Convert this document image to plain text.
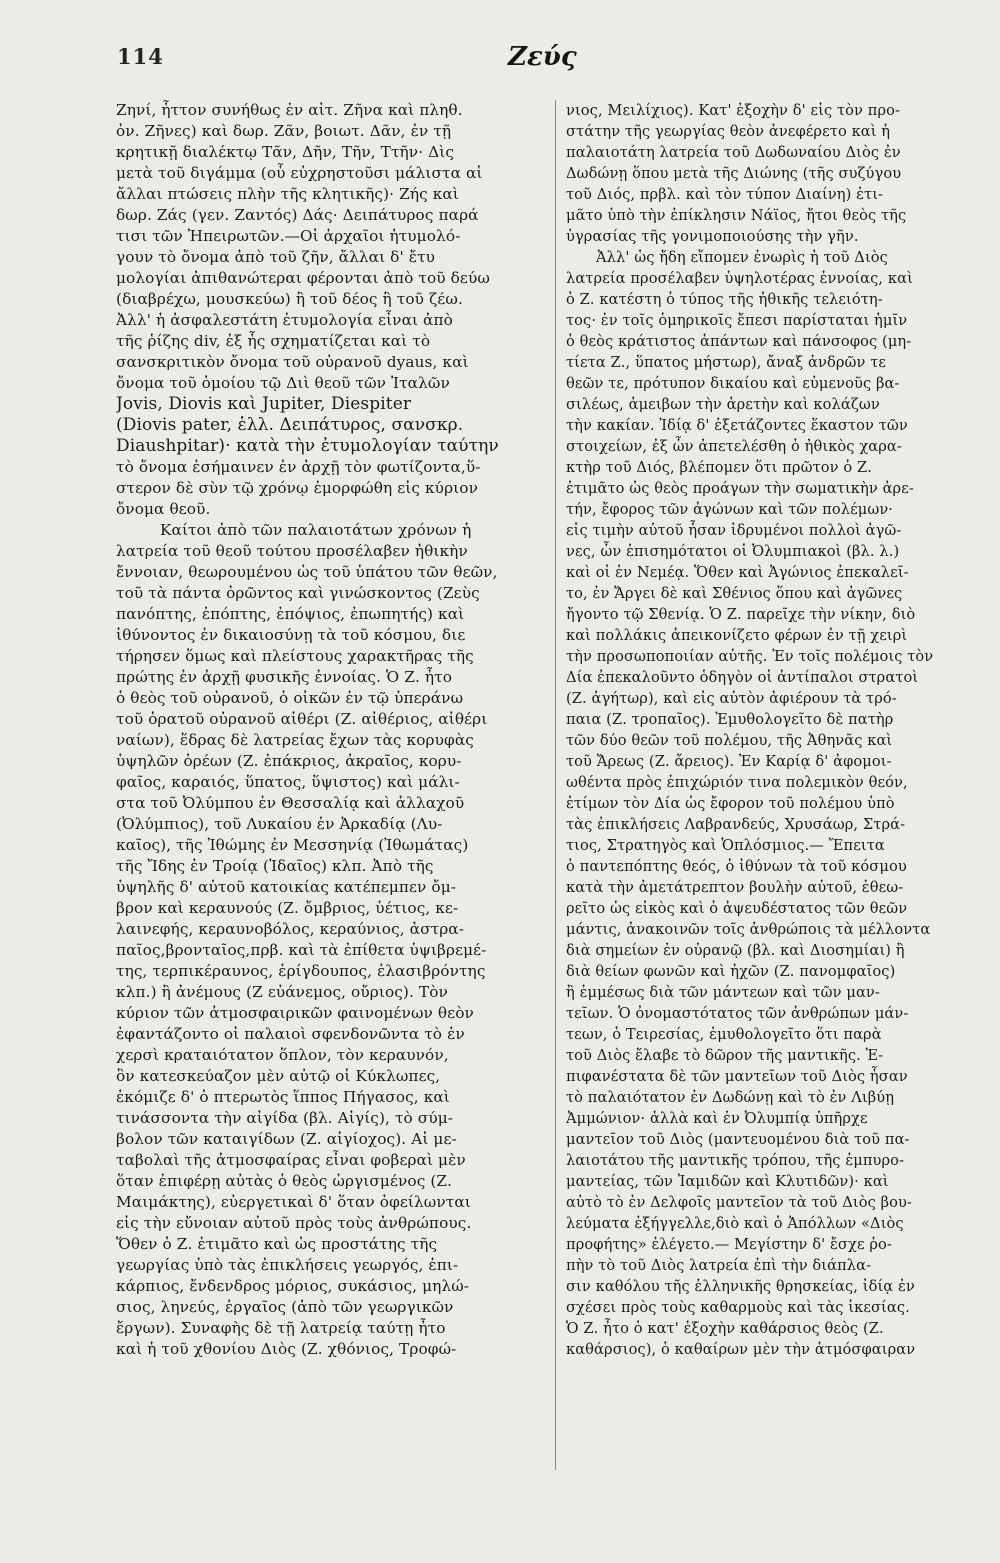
114	Ζεύς
Ζηνί, ἧττον συνήθως ἐν αἰτ. Ζῆνα καὶ πληθ.
ὀν. Ζῆνες) καὶ δωρ. Ζᾶν, βοιωτ. Δᾶν, ἐν τῇ
κρητικῇ διαλέκτῳ Τᾶν, Δῆν, Τῆν, Ττῆν· Δὶς
μετὰ τοῦ διγάμμα (οὗ εὐχρηστοῦσι μάλιστα αἱ
ἄλλαι πτώσεις πλὴν τῆς κλητικῆς)· Ζής καὶ
δωρ. Ζάς (γεν. Ζαντός) Δάς· Δειπάτυρος παρά
τισι τῶν Ἠπειρωτῶν.—Οἱ ἀρχαῖοι ἠτυμολό-
γουν τὸ ὄνομα ἀπὸ τοῦ ζῆν, ἄλλαι δ' ἔτυ
μολογίαι ἀπιθανώτεραι φέρονται ἀπὸ τοῦ δεύω
(διαβρέχω, μουσκεύω) ἢ τοῦ δέος ἢ τοῦ ζέω.
Ἀλλ' ἡ ἀσφαλεστάτη ἐτυμολογία εἶναι ἀπὸ
τῆς ῥίζης div, ἐξ ἧς σχηματίζεται καὶ τὸ
σανσκριτικὸν ὄνομα τοῦ οὐρανοῦ dyaus, καὶ
ὄνομα τοῦ ὁμοίου τῷ Διὶ θεοῦ τῶν Ἰταλῶν
Jovis, Diovis καὶ Jupiter, Diespiter
(Diovis pater, ἑλλ. Δειπάτυρος, σανσκρ.
Diaushpitar)· κατὰ τὴν ἐτυμολογίαν ταύτην
τὸ ὄνομα ἐσήμαινεν ἐν ἀρχῇ τὸν φωτίζοντα,ὕ-
στερον δὲ σὺν τῷ χρόνῳ ἐμορφώθη εἰς κύριον
ὄνομα θεοῦ.
Καίτοι ἀπὸ τῶν παλαιοτάτων χρόνων ἡ
λατρεία τοῦ θεοῦ τούτου προσέλαβεν ἠθικὴν
ἔννοιαν, θεωρουμένου ὡς τοῦ ὑπάτου τῶν θεῶν,
τοῦ τὰ πάντα ὁρῶντος καὶ γινώσκοντος (Ζεὺς
πανόπτης, ἐπόπτης, ἐπόψιος, ἐπωπητής) καὶ
ἰθύνοντος ἐν δικαιοσύνῃ τὰ τοῦ κόσμου, διε
τήρησεν ὅμως καὶ πλείστους χαρακτῆρας τῆς
πρώτης ἐν ἀρχῇ φυσικῆς ἐννοίας. Ὁ Ζ. ἦτο
ὁ θεὸς τοῦ οὐρανοῦ, ὁ οἰκῶν ἐν τῷ ὑπεράνω
τοῦ ὁρατοῦ οὐρανοῦ αἰθέρι (Ζ. αἰθέριος, αἰθέρι
ναίων), ἕδρας δὲ λατρείας ἔχων τὰς κορυφὰς
ὑψηλῶν ὀρέων (Ζ. ἐπάκριος, ἀκραῖος, κορυ-
φαῖος, καραιός, ὕπατος, ὕψιστος) καὶ μάλι-
στα τοῦ Ὀλύμπου ἐν Θεσσαλίᾳ καὶ ἀλλαχοῦ
(Ὀλύμπιος), τοῦ Λυκαίου ἐν Ἀρκαδίᾳ (Λυ-
καῖος), τῆς Ἰθώμης ἐν Μεσσηνίᾳ (Ἰθωμάτας)
τῆς Ἴδης ἐν Τροίᾳ (Ἰδαῖος) κλπ. Ἀπὸ τῆς
ὑψηλῆς δ' αὐτοῦ κατοικίας κατέπεμπεν ὄμ-
βρον καὶ κεραυνούς (Ζ. ὄμβριος, ὑέτιος, κε-
λαινεφής, κεραυνοβόλος, κεραύνιος, ἀστρα-
παῖος,βρονταῖος,πρβ. καὶ τὰ ἐπίθετα ὑψιβρεμέ-
της, τερπικέραυνος, ἐρίγδουπος, ἐλασιβρόντης
κλπ.) ἢ ἀνέμους (Ζ εὐάνεμος, οὔριος). Τὸν
κύριον τῶν ἀτμοσφαιρικῶν φαινομένων θεὸν
ἐφαντάζοντο οἱ παλαιοὶ σφενδονῶντα τὸ ἐν
χερσὶ κραταιότατον ὅπλον, τὸν κεραυνόν,
ὃν κατεσκεύαζον μὲν αὐτῷ οἱ Κύκλωπες,
ἐκόμιζε δ' ὁ πτερωτὸς ἵππος Πήγασος, καὶ
τινάσσοντα τὴν αἰγίδα (βλ. Αἰγίς), τὸ σύμ-
βολον τῶν καταιγίδων (Ζ. αἰγίοχος). Αἱ με-
ταβολαὶ τῆς ἀτμοσφαίρας εἶναι φοβεραὶ μὲν
ὅταν ἐπιφέρῃ αὐτὰς ὁ θεὸς ὠργισμένος (Ζ.
Μαιμάκτης), εὐεργετικαὶ δ' ὅταν ὀφείλωνται
εἰς τὴν εὔνοιαν αὐτοῦ πρὸς τοὺς ἀνθρώπους.
Ὅθεν ὁ Ζ. ἐτιμᾶτο καὶ ὡς προστάτης τῆς
γεωργίας ὑπὸ τὰς ἐπικλήσεις γεωργός, ἐπι-
κάρπιος, ἔνδενδρος μόριος, συκάσιος, μηλώ-
σιος, ληνεύς, ἐργαῖος (ἀπὸ τῶν γεωργικῶν
ἔργων). Συναφὴς δὲ τῇ λατρείᾳ ταύτῃ ἦτο
καὶ ἡ τοῦ χθονίου Διὸς (Ζ. χθόνιος, Τροφώ-
νιος, Μειλίχιος). Κατ' ἐξοχὴν δ' εἰς τὸν προ-
στάτην τῆς γεωργίας θεὸν ἀνεφέρετο καὶ ἡ
παλαιοτάτη λατρεία τοῦ Δωδωναίου Διὸς ἐν
Δωδώνῃ ὅπου μετὰ τῆς Διώνης (τῆς συζύγου
τοῦ Διός, πρβλ. καὶ τὸν τύπον Διαίνη) ἐτι-
μᾶτο ὑπὸ τὴν ἐπίκλησιν Νάϊος, ἤτοι θεὸς τῆς
ὑγρασίας τῆς γονιμοποιούσης τὴν γῆν.
Ἀλλ' ὡς ἤδη εἴπομεν ἐνωρὶς ἡ τοῦ Διὸς
λατρεία προσέλαβεν ὑψηλοτέρας ἐννοίας, καὶ
ὁ Ζ. κατέστη ὁ τύπος τῆς ἠθικῆς τελειότη-
τος· ἐν τοῖς ὁμηρικοῖς ἔπεσι παρίσταται ἡμῖν
ὁ θεὸς κράτιστος ἁπάντων καὶ πάνσοφος (μη-
τίετα Ζ., ὕπατος μήστωρ), ἄναξ ἀνδρῶν τε
θεῶν τε, πρότυπον δικαίου καὶ εὐμενοῦς βα-
σιλέως, ἀμειβων τὴν ἀρετὴν καὶ κολάζων
τὴν κακίαν. Ἰδίᾳ δ' ἐξετάζοντες ἕκαστον τῶν
στοιχείων, ἐξ ὧν ἀπετελέσθη ὁ ἠθικὸς χαρα-
κτὴρ τοῦ Διός, βλέπομεν ὅτι πρῶτον ὁ Ζ.
ἐτιμᾶτο ὡς θεὸς προάγων τὴν σωματικὴν ἀρε-
τήν, ἔφορος τῶν ἀγώνων καὶ τῶν πολέμων·
εἰς τιμὴν αὐτοῦ ἦσαν ἱδρυμένοι πολλοὶ ἀγῶ-
νες, ὧν ἐπισημότατοι οἱ Ὀλυμπιακοὶ (βλ. λ.)
καὶ οἱ ἐν Νεμέᾳ. Ὅθεν καὶ Ἀγώνιος ἐπεκαλεῖ-
το, ἐν Ἄργει δὲ καὶ Σθένιος ὅπου καὶ ἀγῶνες
ἤγοντο τῷ Σθενίᾳ. Ὁ Ζ. παρεῖχε τὴν νίκην, διὸ
καὶ πολλάκις ἀπεικονίζετο φέρων ἐν τῇ χειρὶ
τὴν προσωποποιίαν αὐτῆς. Ἐν τοῖς πολέμοις τὸν
Δία ἐπεκαλοῦντο ὁδηγὸν οἱ ἀντίπαλοι στρατοὶ
(Ζ. ἀγήτωρ), καὶ εἰς αὐτὸν ἀφιέρουν τὰ τρό-
παια (Ζ. τροπαῖος). Ἐμυθολογεῖτο δὲ πατὴρ
τῶν δύο θεῶν τοῦ πολέμου, τῆς Ἀθηνᾶς καὶ
τοῦ Ἄρεως (Ζ. ἄρειος). Ἐν Καρίᾳ δ' ἀφομοι-
ωθέντα πρὸς ἐπιχώριόν τινα πολεμικὸν θεόν,
ἐτίμων τὸν Δία ὡς ἔφορον τοῦ πολέμου ὑπὸ
τὰς ἐπικλήσεις Λαβρανδεύς, Χρυσάωρ, Στρά-
τιος, Στρατηγὸς καὶ Ὁπλόσμιος.— Ἔπειτα
ὁ παντεπόπτης θεός, ὁ ἰθύνων τὰ τοῦ κόσμου
κατὰ τὴν ἀμετάτρεπτον βουλὴν αὐτοῦ, ἐθεω-
ρεῖτο ὡς εἰκὸς καὶ ὁ ἀψευδέστατος τῶν θεῶν
μάντις, ἀνακοινῶν τοῖς ἀνθρώποις τὰ μέλλοντα
διὰ σημείων ἐν οὐρανῷ (βλ. καὶ Διοσημίαι) ἢ
διὰ θείων φωνῶν καὶ ἠχῶν (Ζ. πανομφαῖος)
ἢ ἐμμέσως διὰ τῶν μάντεων καὶ τῶν μαν-
τεῖων. Ὁ ὀνομαστότατος τῶν ἀνθρώπων μάν-
τεων, ὁ Τειρεσίας, ἐμυθολογεῖτο ὅτι παρὰ
τοῦ Διὸς ἔλαβε τὸ δῶρον τῆς μαντικῆς. Ἐ-
πιφανέστατα δὲ τῶν μαντεῖων τοῦ Διὸς ἦσαν
τὸ παλαιότατον ἐν Δωδώνῃ καὶ τὸ ἐν Λιβύῃ
Ἀμμώνιον· ἀλλὰ καὶ ἐν Ὀλυμπίᾳ ὑπῆρχε
μαντεῖον τοῦ Διὸς (μαντευομένου διὰ τοῦ πα-
λαιοτάτου τῆς μαντικῆς τρόπου, τῆς ἐμπυρο-
μαντείας, τῶν Ἰαμιδῶν καὶ Κλυτιδῶν)· καὶ
αὐτὸ τὸ ἐν Δελφοῖς μαντεῖον τὰ τοῦ Διὸς βου-
λεύματα ἐξήγγελλε,διὸ καὶ ὁ Ἀπόλλων «Διὸς
προφήτης» ἐλέγετο.— Μεγίστην δ' ἔσχε ῥο-
πὴν τὸ τοῦ Διὸς λατρεία ἐπὶ τὴν διάπλα-
σιν καθόλου τῆς ἑλληνικῆς θρησκείας, ἰδίᾳ ἐν
σχέσει πρὸς τοὺς καθαρμοὺς καὶ τὰς ἱκεσίας.
Ὁ Ζ. ἦτο ὁ κατ' ἐξοχὴν καθάρσιος θεὸς (Ζ.
καθάρσιος), ὁ καθαίρων μὲν τὴν ἀτμόσφαιραν
